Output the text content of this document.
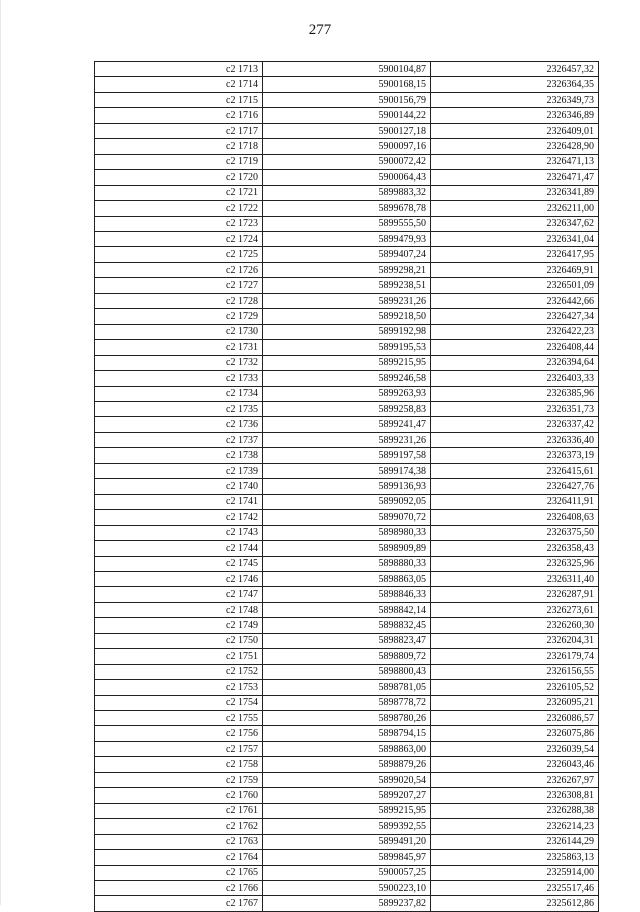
277
с2 1713	5900104,87	2326457,32
с2 1714	5900168,15	2326364,35
с2 1715	5900156,79	2326349,73
с2 1716	5900144,22	2326346,89
с2 1717	5900127,18	2326409,01
с2 1718	5900097,16	2326428,90
с2 1719	5900072,42	2326471,13
с2 1720	5900064,43	2326471,47
с2 1721	5899883,32	2326341,89
с2 1722	5899678,78	2326211,00
с2 1723	5899555,50	2326347,62
с2 1724	5899479,93	2326341,04
с2 1725	5899407,24	2326417,95
с2 1726	5899298,21	2326469,91
с2 1727	5899238,51	2326501,09
с2 1728	5899231,26	2326442,66
с2 1729	5899218,50	2326427,34
с2 1730	5899192,98	2326422,23
с2 1731	5899195,53	2326408,44
с2 1732	5899215,95	2326394,64
с2 1733	5899246,58	2326403,33
с2 1734	5899263,93	2326385,96
с2 1735	5899258,83	2326351,73
с2 1736	5899241,47	2326337,42
с2 1737	5899231,26	2326336,40
с2 1738	5899197,58	2326373,19
с2 1739	5899174,38	2326415,61
с2 1740	5899136,93	2326427,76
с2 1741	5899092,05	2326411,91
с2 1742	5899070,72	2326408,63
с2 1743	5898980,33	2326375,50
с2 1744	5898909,89	2326358,43
с2 1745	5898880,33	2326325,96
с2 1746	5898863,05	2326311,40
с2 1747	5898846,33	2326287,91
с2 1748	5898842,14	2326273,61
с2 1749	5898832,45	2326260,30
с2 1750	5898823,47	2326204,31
с2 1751	5898809,72	2326179,74
с2 1752	5898800,43	2326156,55
с2 1753	5898781,05	2326105,52
с2 1754	5898778,72	2326095,21
с2 1755	5898780,26	2326086,57
с2 1756	5898794,15	2326075,86
с2 1757	5898863,00	2326039,54
с2 1758	5898879,26	2326043,46
с2 1759	5899020,54	2326267,97
с2 1760	5899207,27	2326308,81
с2 1761	5899215,95	2326288,38
с2 1762	5899392,55	2326214,23
с2 1763	5899491,20	2326144,29
с2 1764	5899845,97	2325863,13
с2 1765	5900057,25	2325914,00
с2 1766	5900223,10	2325517,46
с2 1767	5899237,82	2325612,86
